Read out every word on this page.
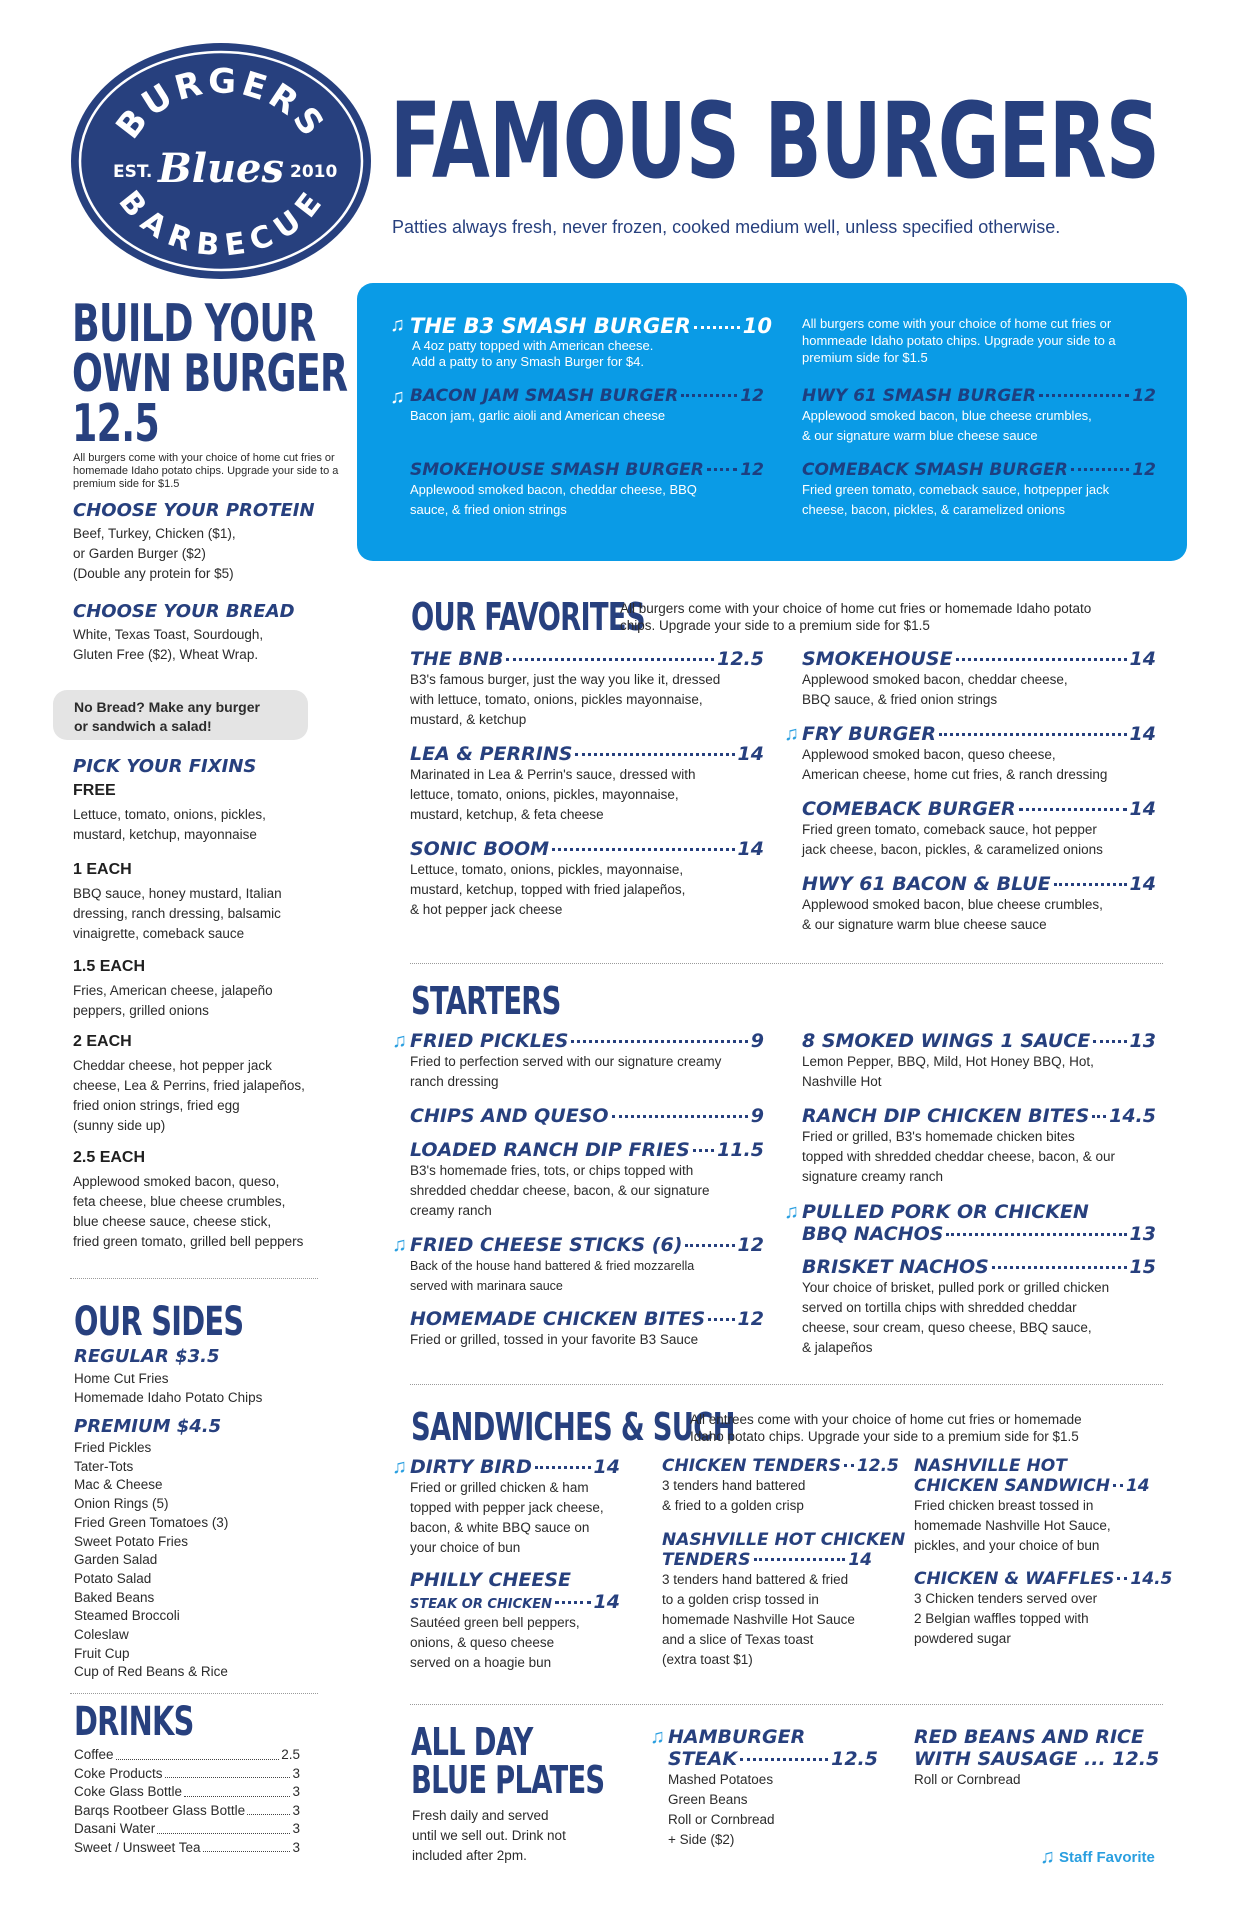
BURGERS
BARBECUE
EST.	2010
Blues FAMOUS BURGERS
Patties always fresh, never frozen, cooked medium well, unless specified otherwise.
BUILD YOUR
OWN BURGER
12.5
All burgers come with your choice of home cut fries or homemade Idaho potato chips. Upgrade your side to a premium side for $1.5
CHOOSE YOUR PROTEIN
Beef, Turkey, Chicken ($1),
or Garden Burger ($2)
(Double any protein for $5)
CHOOSE YOUR BREAD
White, Texas Toast, Sourdough,
Gluten Free ($2), Wheat Wrap.
No Bread? Make any burger
or sandwich a salad!
PICK YOUR FIXINS
FREE
Lettuce, tomato, onions, pickles,
mustard, ketchup, mayonnaise
1 EACH
BBQ sauce, honey mustard, Italian
dressing, ranch dressing, balsamic
vinaigrette, comeback sauce
1.5 EACH
Fries, American cheese, jalapeño
peppers, grilled onions
2 EACH
Cheddar cheese, hot pepper jack
cheese, Lea & Perrins, fried jalapeños,
fried onion strings, fried egg
(sunny side up)
2.5 EACH
Applewood smoked bacon, queso,
feta cheese, blue cheese crumbles,
blue cheese sauce, cheese stick,
fried green tomato, grilled bell peppers
OUR SIDES
REGULAR $3.5
Home Cut Fries
Homemade Idaho Potato Chips
PREMIUM $4.5
Fried Pickles
Tater-Tots
Mac & Cheese
Onion Rings (5)
Fried Green Tomatoes (3)
Sweet Potato Fries
Garden Salad
Potato Salad
Baked Beans
Steamed Broccoli
Coleslaw
Fruit Cup
Cup of Red Beans & Rice
DRINKS
Coffee	2.5
Coke Products	3
Coke Glass Bottle	3
Barqs Rootbeer Glass Bottle	3
Dasani Water	3
Sweet / Unsweet Tea	3
♫ THE B3 SMASH BURGER 10
A 4oz patty topped with American cheese.
Add a patty to any Smash Burger for $4.
All burgers come with your choice of home cut fries or hommeade Idaho potato chips. Upgrade your side to a premium side for $1.5
♫ BACON JAM SMASH BURGER	12
Bacon jam, garlic aioli and American cheese
HWY 61 SMASH BURGER	12
Applewood smoked bacon, blue cheese crumbles,
& our signature warm blue cheese sauce
SMOKEHOUSE SMASH BURGER 12
Applewood smoked bacon, cheddar cheese, BBQ
sauce, & fried onion strings
COMEBACK SMASH BURGER	12
Fried green tomato, comeback sauce, hotpepper jack
cheese, bacon, pickles, & caramelized onions
OUR FAVORITES
All burgers come with your choice of home cut fries or homemade Idaho potato
chips. Upgrade your side to a premium side for $1.5
THE BNB	12.5
B3's famous burger, just the way you like it, dressed
with lettuce, tomato, onions, pickles mayonnaise,
mustard, & ketchup
LEA & PERRINS	14
Marinated in Lea & Perrin's sauce, dressed with
lettuce, tomato, onions, pickles, mayonnaise,
mustard, ketchup, & feta cheese
SONIC BOOM	14
Lettuce, tomato, onions, pickles, mayonnaise,
mustard, ketchup, topped with fried jalapeños,
& hot pepper jack cheese
SMOKEHOUSE	14
Applewood smoked bacon, cheddar cheese,
BBQ sauce, & fried onion strings
♫ FRY BURGER	14
Applewood smoked bacon, queso cheese,
American cheese, home cut fries, & ranch dressing
COMEBACK BURGER	14
Fried green tomato, comeback sauce, hot pepper
jack cheese, bacon, pickles, & caramelized onions
HWY 61 BACON & BLUE	14
Applewood smoked bacon, blue cheese crumbles,
& our signature warm blue cheese sauce
STARTERS
♫ FRIED PICKLES	9
Fried to perfection served with our signature creamy
ranch dressing
CHIPS AND QUESO	9
LOADED RANCH DIP FRIES 11.5
B3's homemade fries, tots, or chips topped with
shredded cheddar cheese, bacon, & our signature
creamy ranch
♫ FRIED CHEESE STICKS (6)	12
Back of the house hand battered & fried mozzarella
served with marinara sauce
HOMEMADE CHICKEN BITES 12
Fried or grilled, tossed in your favorite B3 Sauce
8 SMOKED WINGS 1 SAUCE 13
Lemon Pepper, BBQ, Mild, Hot Honey BBQ, Hot,
Nashville Hot
RANCH DIP CHICKEN BITES 14.5
Fried or grilled, B3's homemade chicken bites
topped with shredded cheddar cheese, bacon, & our
signature creamy ranch
♫ PULLED PORK OR CHICKEN
BBQ NACHOS	13
BRISKET NACHOS	15
Your choice of brisket, pulled pork or grilled chicken
served on tortilla chips with shredded cheddar
cheese, sour cream, queso cheese, BBQ sauce,
& jalapeños
SANDWICHES & SUCH
All entrees come with your choice of home cut fries or homemade
Idaho potato chips. Upgrade your side to a premium side for $1.5
♫ DIRTY BIRD	14
Fried or grilled chicken & ham
topped with pepper jack cheese,
bacon, & white BBQ sauce on
your choice of bun
PHILLY CHEESE
STEAK OR CHICKEN 14
Sautéed green bell peppers,
onions, & queso cheese
served on a hoagie bun
CHICKEN TENDERS 12.5
3 tenders hand battered
& fried to a golden crisp
NASHVILLE HOT CHICKEN
TENDERS	14
3 tenders hand battered & fried
to a golden crisp tossed in
homemade Nashville Hot Sauce
and a slice of Texas toast
(extra toast $1)
NASHVILLE HOT
CHICKEN SANDWICH 14
Fried chicken breast tossed in
homemade Nashville Hot Sauce,
pickles, and your choice of bun
CHICKEN & WAFFLES 14.5
3 Chicken tenders served over
2 Belgian waffles topped with
powdered sugar
ALL DAY
BLUE PLATES
Fresh daily and served
until we sell out. Drink not
included after 2pm.
♫ HAMBURGER
STEAK	12.5
Mashed Potatoes
Green Beans
Roll or Cornbread
+ Side ($2)
RED BEANS AND RICE
WITH SAUSAGE ... 12.5
Roll or Cornbread
♫ Staff Favorite
